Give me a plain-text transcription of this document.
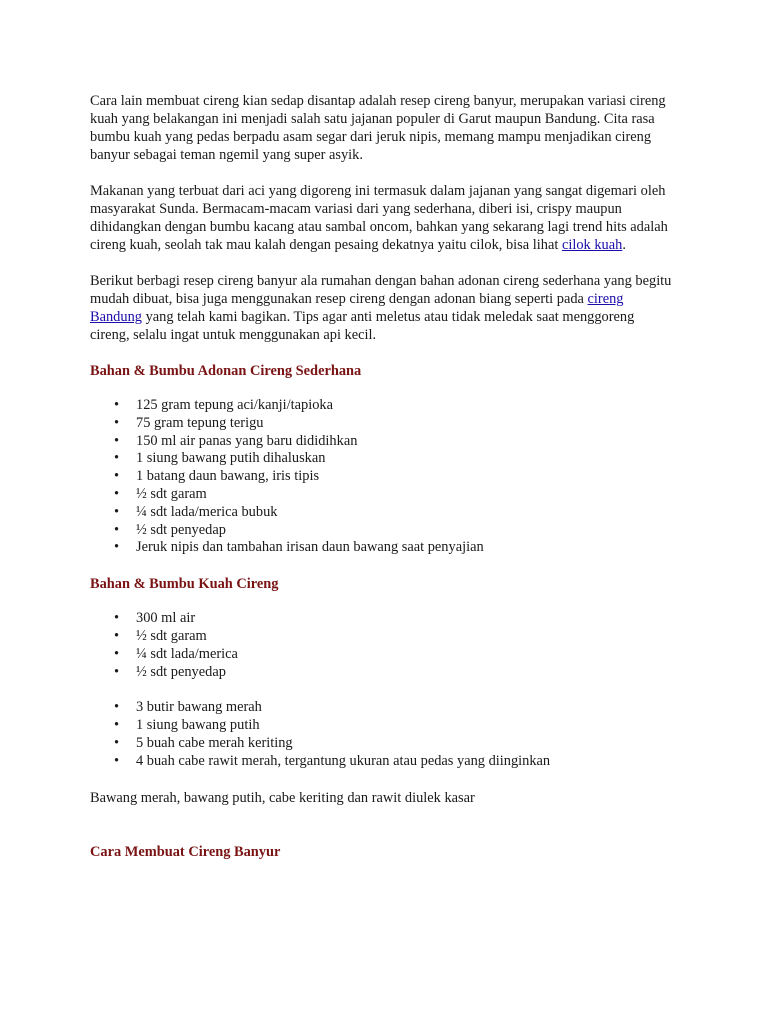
Cara lain membuat cireng kian sedap disantap adalah resep cireng banyur, merupakan variasi cireng kuah yang belakangan ini menjadi salah satu jajanan populer di Garut maupun Bandung. Cita rasa bumbu kuah yang pedas berpadu asam segar dari jeruk nipis, memang mampu menjadikan cireng banyur sebagai teman ngemil yang super asyik.

Makanan yang terbuat dari aci yang digoreng ini termasuk dalam jajanan yang sangat digemari oleh masyarakat Sunda. Bermacam-macam variasi dari yang sederhana, diberi isi, crispy maupun dihidangkan dengan bumbu kacang atau sambal oncom, bahkan yang sekarang lagi trend hits adalah cireng kuah, seolah tak mau kalah dengan pesaing dekatnya yaitu cilok, bisa lihat cilok kuah.

Berikut berbagi resep cireng banyur ala rumahan dengan bahan adonan cireng sederhana yang begitu mudah dibuat, bisa juga menggunakan resep cireng dengan adonan biang seperti pada cireng Bandung yang telah kami bagikan. Tips agar anti meletus atau tidak meledak saat menggoreng cireng, selalu ingat untuk menggunakan api kecil.

Bahan & Bumbu Adonan Cireng Sederhana
• 125 gram tepung aci/kanji/tapioka
• 75 gram tepung terigu
• 150 ml air panas yang baru dididihkan
• 1 siung bawang putih dihaluskan
• 1 batang daun bawang, iris tipis
• ½ sdt garam
• ¼ sdt lada/merica bubuk
• ½ sdt penyedap
• Jeruk nipis dan tambahan irisan daun bawang saat penyajian
Bahan & Bumbu Kuah Cireng
• 300 ml air
• ½ sdt garam
• ¼ sdt lada/merica
• ½ sdt penyedap
• 3 butir bawang merah
• 1 siung bawang putih
• 5 buah cabe merah keriting
• 4 buah cabe rawit merah, tergantung ukuran atau pedas yang diinginkan

Bawang merah, bawang putih, cabe keriting dan rawit diulek kasar

Cara Membuat Cireng Banyur
